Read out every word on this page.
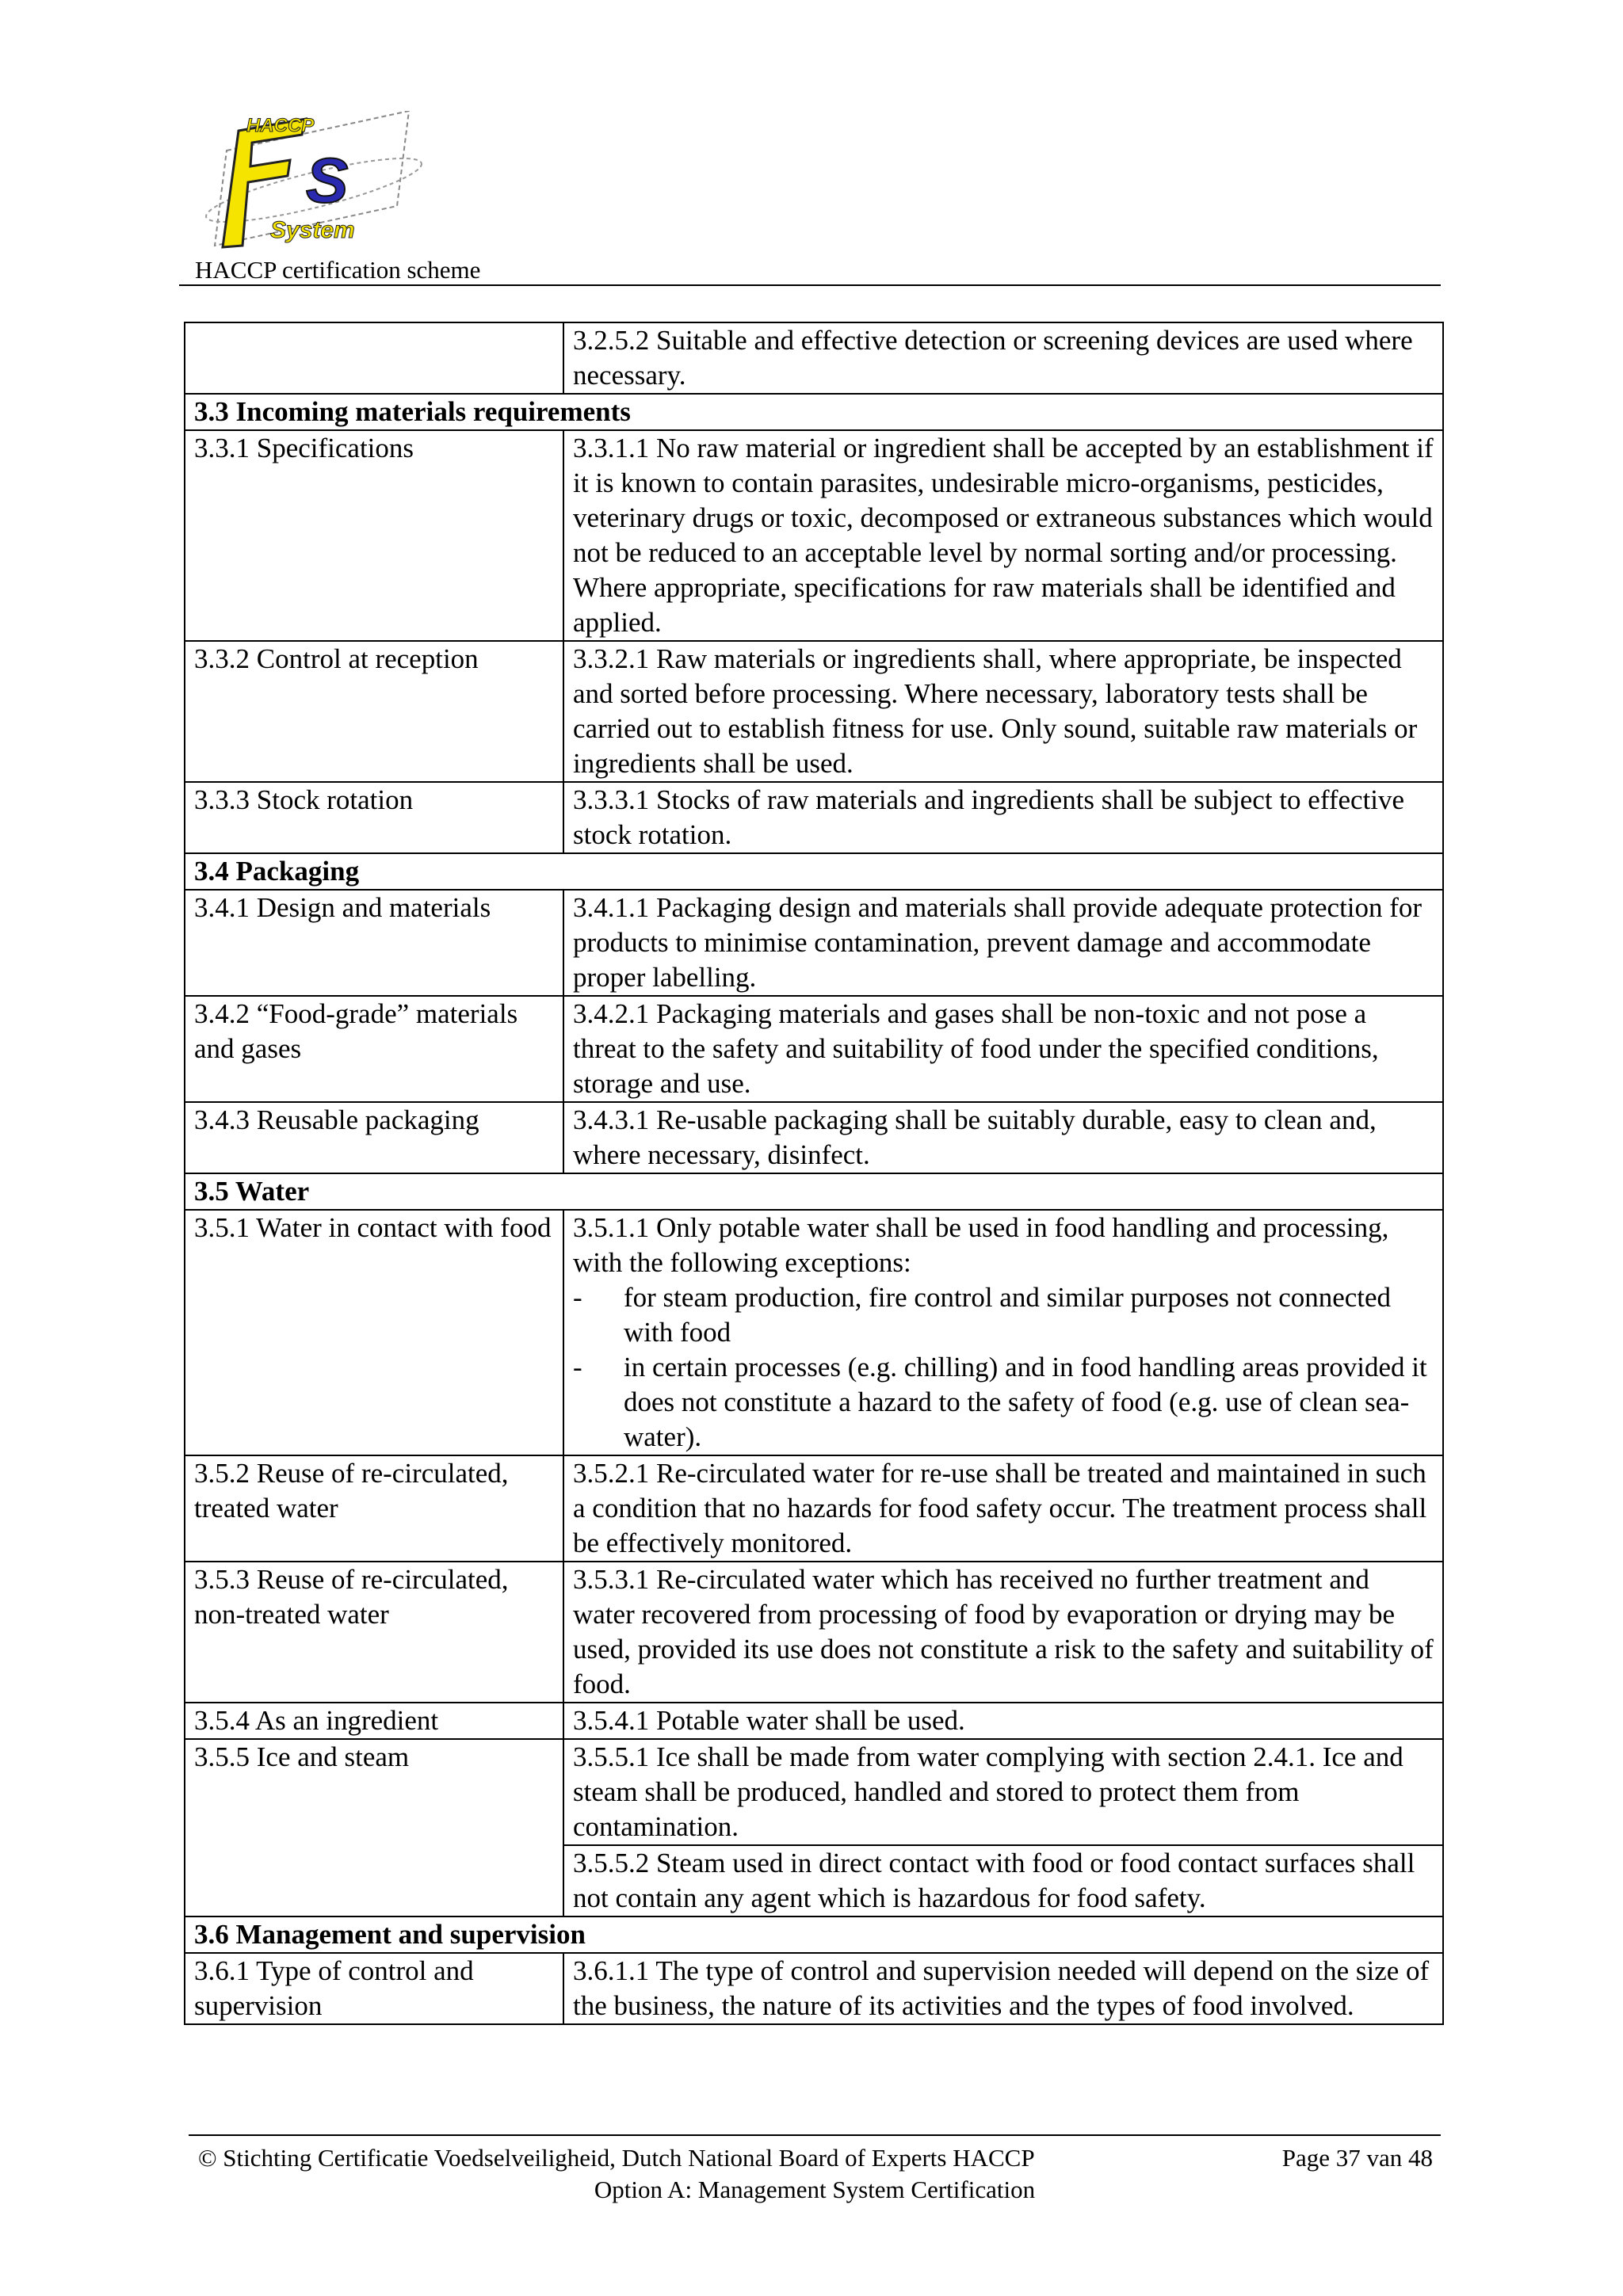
HACCP
S
System
HACCP certification scheme
	3.2.5.2 Suitable and effective detection or screening devices are used where necessary.
3.3 Incoming materials requirements	
3.3.1 Specifications	3.3.1.1 No raw material or ingredient shall be accepted by an establishment if it is known to contain parasites, undesirable micro-organisms, pesticides, veterinary drugs or toxic, decomposed or extraneous substances which would not be reduced to an acceptable level by normal sorting and/or processing. Where appropriate, specifications for raw materials shall be identified and applied.
3.3.2 Control at reception	3.3.2.1 Raw materials or ingredients shall, where appropriate, be inspected and sorted before processing. Where necessary, laboratory tests shall be carried out to establish fitness for use. Only sound, suitable raw materials or ingredients shall be used.
3.3.3 Stock rotation	3.3.3.1 Stocks of raw materials and ingredients shall be subject to effective stock rotation.
3.4 Packaging	
3.4.1 Design and materials	3.4.1.1 Packaging design and materials shall provide adequate protection for products to minimise contamination, prevent damage and accommodate proper labelling.
3.4.2 “Food-grade” materials and gases	3.4.2.1 Packaging materials and gases shall be non-toxic and not pose a threat to the safety and suitability of food under the specified conditions, storage and use.
3.4.3 Reusable packaging	3.4.3.1 Re-usable packaging shall be suitably durable, easy to clean and, where necessary, disinfect.
3.5 Water	
3.5.1 Water in contact with food	3.5.1.1 Only potable water shall be used in food handling and processing, with the following exceptions:
- for steam production, fire control and similar purposes not connected with food
- in certain processes (e.g. chilling) and in food handling areas provided it does not constitute a hazard to the safety of food (e.g. use of clean sea-water).

3.5.2 Reuse of re-circulated, treated water	3.5.2.1 Re-circulated water for re-use shall be treated and maintained in such a condition that no hazards for food safety occur. The treatment process shall be effectively monitored.
3.5.3 Reuse of re-circulated, non-treated water	3.5.3.1 Re-circulated water which has received no further treatment and water recovered from processing of food by evaporation or drying may be used, provided its use does not constitute a risk to the safety and suitability of food.
3.5.4 As an ingredient	3.5.4.1 Potable water shall be used.
3.5.5 Ice and steam	3.5.5.1 Ice shall be made from water complying with section 2.4.1. Ice and steam shall be produced, handled and stored to protect them from contamination.
	3.5.5.2 Steam used in direct contact with food or food contact surfaces shall not contain any agent which is hazardous for food safety.
3.6 Management and supervision	
3.6.1 Type of control and supervision	3.6.1.1 The type of control and supervision needed will depend on the size of the business, the nature of its activities and the types of food involved.
© Stichting Certificatie Voedselveiligheid, Dutch National Board of Experts HACCP	Page 37 van 48
Option A: Management System Certification
